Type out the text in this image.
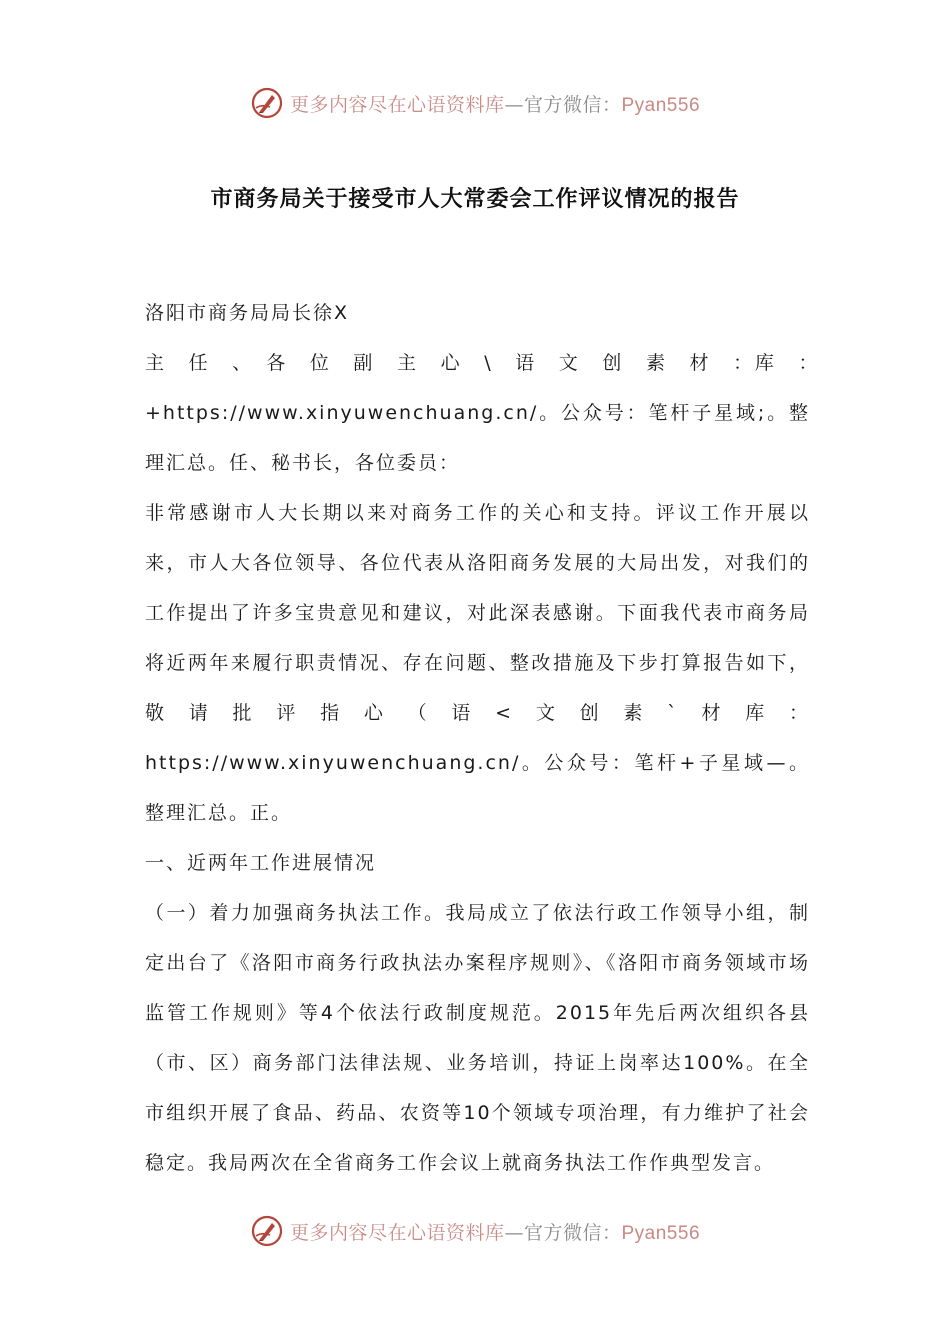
更多内容尽在心语资料库—官方微信：Pyan556
市商务局关于接受市人大常委会工作评议情况的报告

洛阳市商务局局长徐X

主　任　、　各　位　副　主　心　\　语　文　创　素　材　：库　：　+https://www.xinyuwenchuang.cn/。公众号：笔杆子星域;。整理汇总。任、秘书长，各位委员：

非常感谢市人大长期以来对商务工作的关心和支持。评议工作开展以来，市人大各位领导、各位代表从洛阳商务发展的大局出发，对我们的工作提出了许多宝贵意见和建议，对此深表感谢。下面我代表市商务局将近两年来履行职责情况、存在问题、整改措施及下步打算报告如下，敬请批评指心（语<文创素`材库：https://www.xinyuwenchuang.cn/。公众号：笔杆+子星域—。整理汇总。正。

一、近两年工作进展情况

（一）着力加强商务执法工作。我局成立了依法行政工作领导小组，制定出台了《洛阳市商务行政执法办案程序规则》、《洛阳市商务领域市场监管工作规则》等4个依法行政制度规范。2015年先后两次组织各县（市、区）商务部门法律法规、业务培训，持证上岗率达100%。在全市组织开展了食品、药品、农资等10个领域专项治理，有力维护了社会稳定。我局两次在全省商务工作会议上就商务执法工作作典型发言。

更多内容尽在心语资料库—官方微信：Pyan556
